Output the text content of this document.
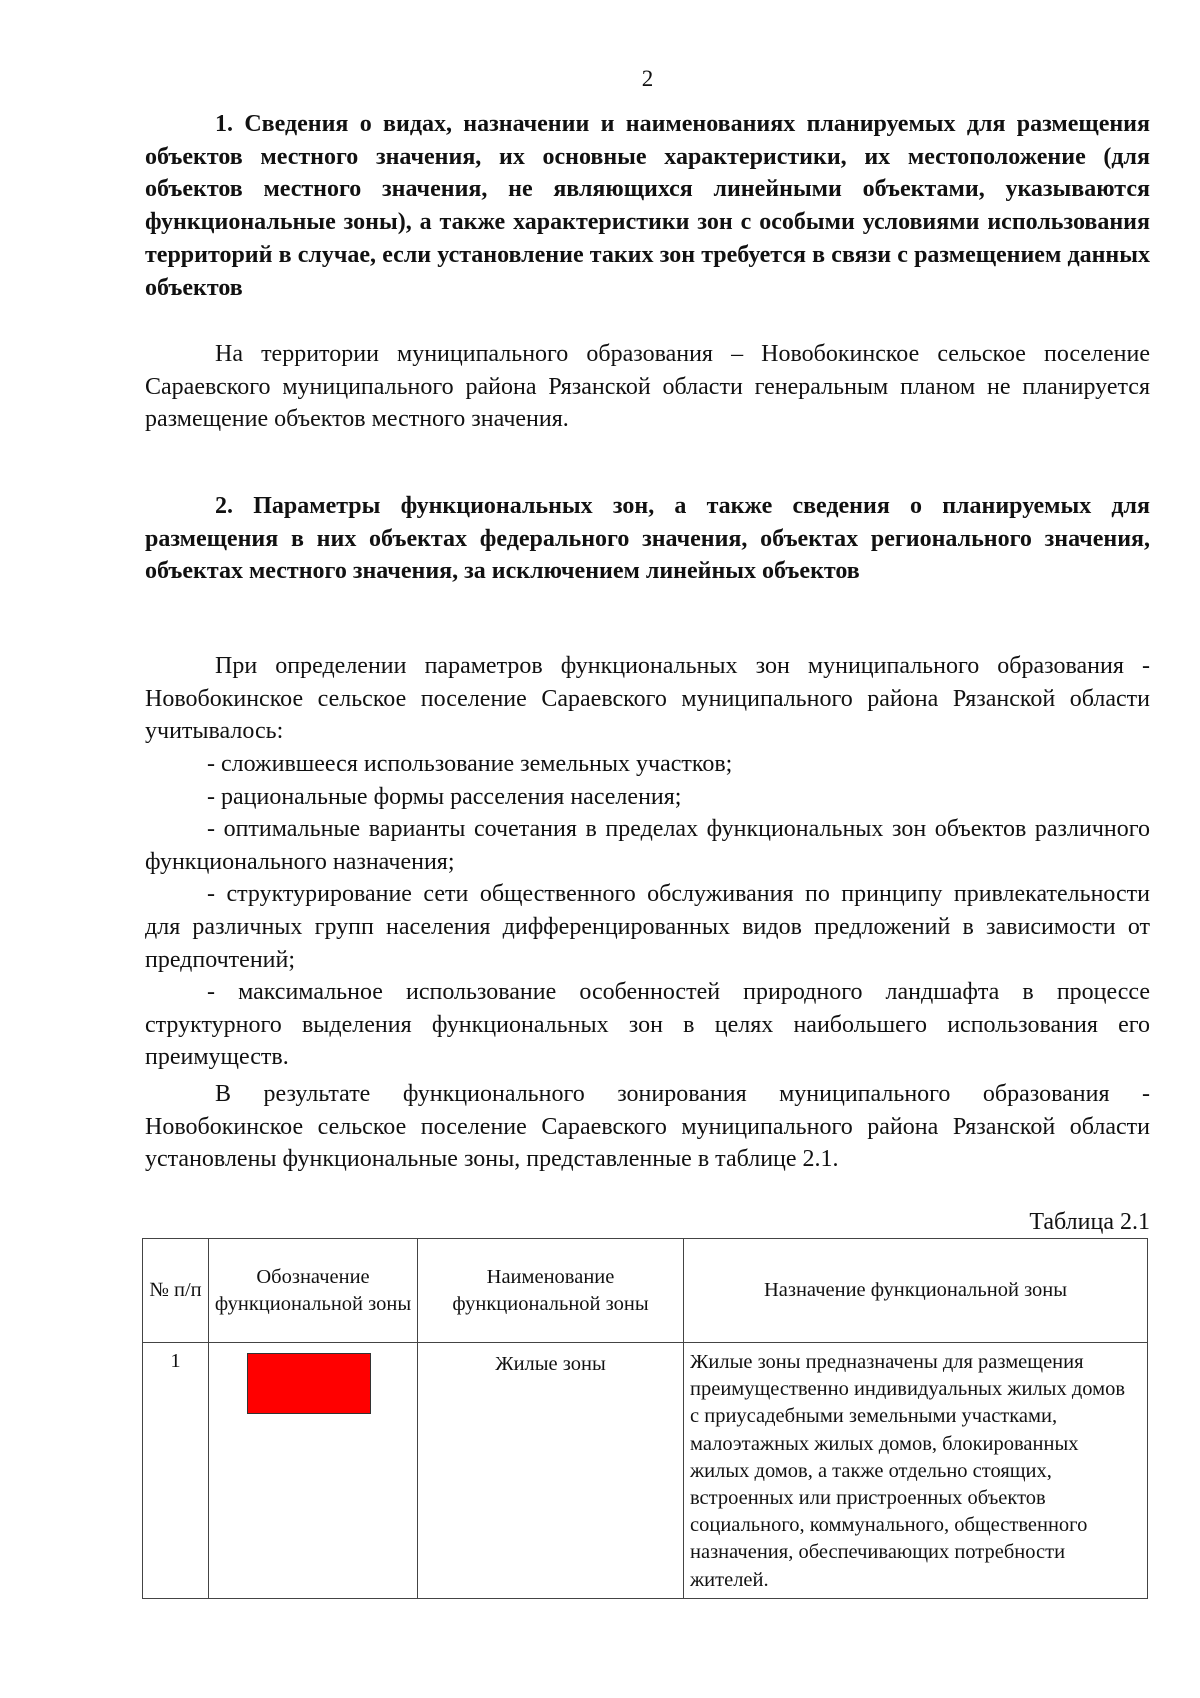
2

1. Сведения о видах, назначении и наименованиях планируемых для размещения объектов местного значения, их основные характеристики, их местоположение (для объектов местного значения, не являющихся линейными объектами, указываются функциональные зоны), а также характеристики зон с особыми условиями использования территорий в случае, если установление таких зон требуется в связи с размещением данных объектов

На территории муниципального образования – Новобокинское сельское поселение Сараевского муниципального района Рязанской области генеральным планом не планируется размещение объектов местного значения.

2. Параметры функциональных зон, а также сведения о планируемых для размещения в них объектах федерального значения, объектах регионального значения, объектах местного значения, за исключением линейных объектов

При определении параметров функциональных зон муниципального образования - Новобокинское сельское поселение Сараевского муниципального района Рязанской области учитывалось:

- сложившееся использование земельных участков;
- рациональные формы расселения населения;
- оптимальные варианты сочетания в пределах функциональных зон объектов различного функционального назначения;
- структурирование сети общественного обслуживания по принципу привлекательности для различных групп населения дифференцированных видов предложений в зависимости от предпочтений;
- максимальное использование особенностей природного ландшафта в процессе структурного выделения функциональных зон в целях наибольшего использования его преимуществ.

В результате функционального зонирования муниципального образования - Новобокинское сельское поселение Сараевского муниципального района Рязанской области установлены функциональные зоны, представленные в таблице 2.1.

Таблица 2.1
№ п/п	Обозначение функциональной зоны	Наименование функциональной зоны	Назначение функциональной зоны
1		Жилые зоны	Жилые зоны предназначены для размещения преимущественно индивидуальных жилых домов с приусадебными земельными участками, малоэтажных жилых домов, блокированных жилых домов, а также отдельно стоящих, встроенных или пристроенных объектов социального, коммунального, общественного назначения, обеспечивающих потребности жителей.
